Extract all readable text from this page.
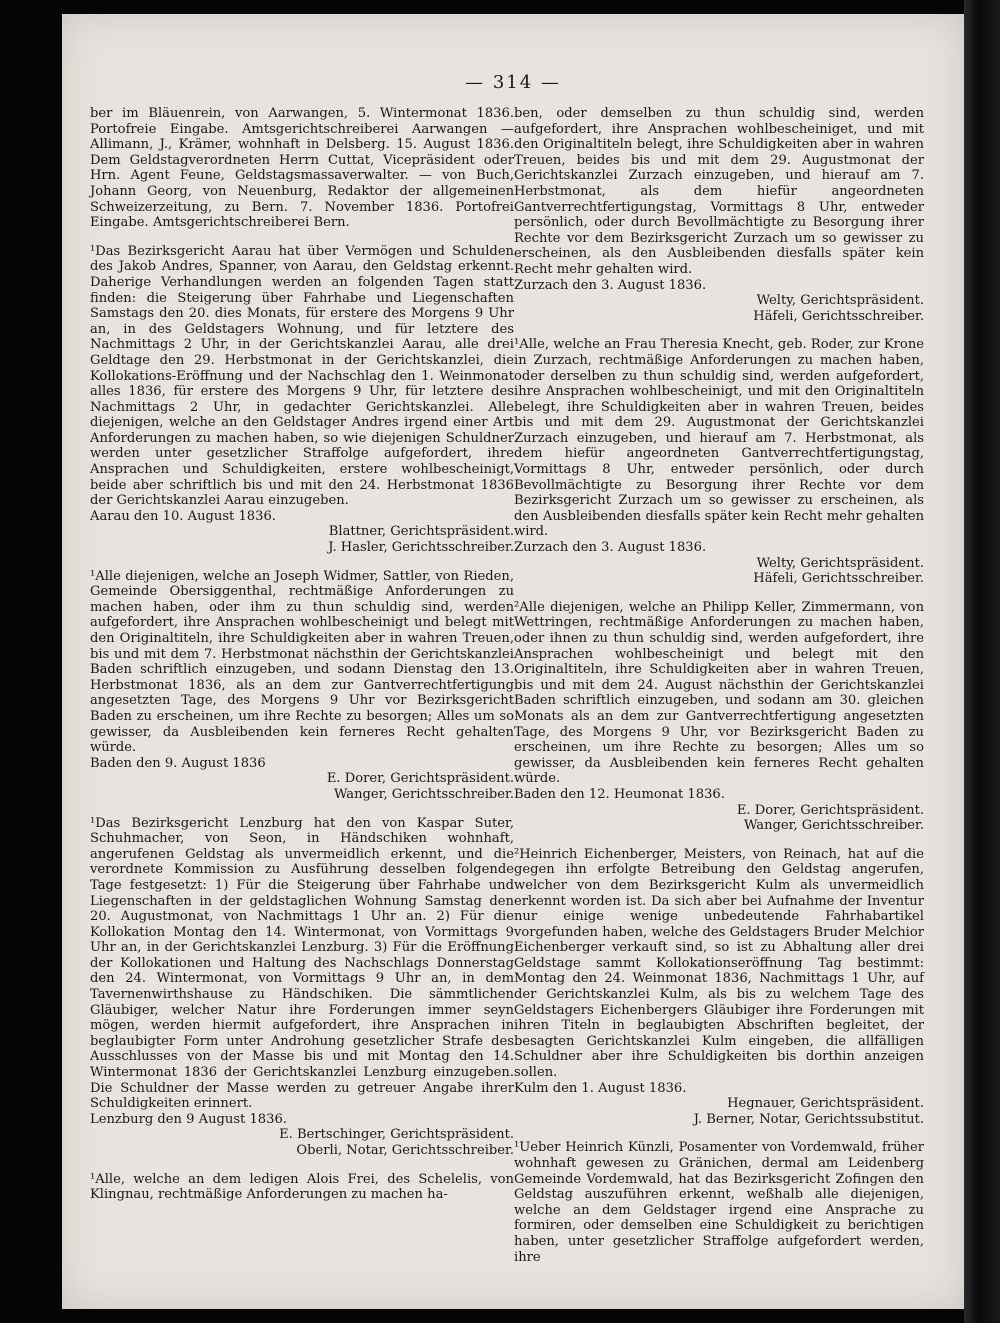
— 314 —

ber im Bläuenrein, von Aarwangen, 5. Wintermonat 1836. Portofreie Eingabe. Amtsgerichtschreiberei Aarwangen — Allimann, J., Krämer, wohnhaft in Delsberg. 15. August 1836. Dem Geldstagverordneten Herrn Cuttat, Vicepräsident oder Hrn. Agent Feune, Geldstagsmassaverwalter. — von Buch, Johann Georg, von Neuenburg, Redaktor der allgemeinen Schweizerzeitung, zu Bern. 7. November 1836. Portofrei Eingabe. Amtsgerichtschreiberei Bern.

¹Das Bezirksgericht Aarau hat über Vermögen und Schulden des Jakob Andres, Spanner, von Aarau, den Geldstag erkennt. Daherige Verhandlungen werden an folgenden Tagen statt finden: die Steigerung über Fahrhabe und Liegenschaften Samstags den 20. dies Monats, für erstere des Morgens 9 Uhr an, in des Geldstagers Wohnung, und für letztere des Nachmittags 2 Uhr, in der Gerichtskanzlei Aarau, alle drei Geldtage den 29. Herbstmonat in der Gerichtskanzlei, die Kollokations-Eröffnung und der Nachschlag den 1. Weinmonat alles 1836, für erstere des Morgens 9 Uhr, für letztere des Nachmittags 2 Uhr, in gedachter Gerichtskanzlei. Alle diejenigen, welche an den Geldstager Andres irgend einer Art Anforderungen zu machen haben, so wie diejenigen Schuldner werden unter gesetzlicher Straffolge aufgefordert, ihre Ansprachen und Schuldigkeiten, erstere wohlbescheinigt, beide aber schriftlich bis und mit den 24. Herbstmonat 1836 der Gerichtskanzlei Aarau einzugeben.

Aarau den 10. August 1836.

Blattner, Gerichtspräsident.

J. Hasler, Gerichtsschreiber.

¹Alle diejenigen, welche an Joseph Widmer, Sattler, von Rieden, Gemeinde Obersiggenthal, rechtmäßige Anforderungen zu machen haben, oder ihm zu thun schuldig sind, werden aufgefordert, ihre Ansprachen wohlbescheinigt und belegt mit den Originaltiteln, ihre Schuldigkeiten aber in wahren Treuen, bis und mit dem 7. Herbstmonat nächsthin der Gerichtskanzlei Baden schriftlich einzugeben, und sodann Dienstag den 13. Herbstmonat 1836, als an dem zur Gantverrechtfertigung angesetzten Tage, des Morgens 9 Uhr vor Bezirksgericht Baden zu erscheinen, um ihre Rechte zu besorgen; Alles um so gewisser, da Ausbleibenden kein ferneres Recht gehalten würde.

Baden den 9. August 1836

E. Dorer, Gerichtspräsident.

Wanger, Gerichtsschreiber.

¹Das Bezirksgericht Lenzburg hat den von Kaspar Suter, Schuhmacher, von Seon, in Händschiken wohnhaft, angerufenen Geldstag als unvermeidlich erkennt, und die verordnete Kommission zu Ausführung desselben folgende Tage festgesetzt: 1) Für die Steigerung über Fahrhabe und Liegenschaften in der geldstaglichen Wohnung Samstag den 20. Augustmonat, von Nachmittags 1 Uhr an. 2) Für die Kollokation Montag den 14. Wintermonat, von Vormittags 9 Uhr an, in der Gerichtskanzlei Lenzburg. 3) Für die Eröffnung der Kollokationen und Haltung des Nachschlags Donnerstag den 24. Wintermonat, von Vormittags 9 Uhr an, in dem Tavernenwirthshause zu Händschiken. Die sämmtlichen Gläubiger, welcher Natur ihre Forderungen immer seyn mögen, werden hiermit aufgefordert, ihre Ansprachen in beglaubigter Form unter Androhung gesetzlicher Strafe des Ausschlusses von der Masse bis und mit Montag den 14. Wintermonat 1836 der Gerichtskanzlei Lenzburg einzugeben. Die Schuldner der Masse werden zu getreuer Angabe ihrer Schuldigkeiten erinnert.

Lenzburg den 9 August 1836.

E. Bertschinger, Gerichtspräsident.

Oberli, Notar, Gerichtsschreiber.

¹Alle, welche an dem ledigen Alois Frei, des Schelelis, von Klingnau, rechtmäßige Anforderungen zu machen ha-

ben, oder demselben zu thun schuldig sind, werden aufgefordert, ihre Ansprachen wohlbescheiniget, und mit den Originaltiteln belegt, ihre Schuldigkeiten aber in wahren Treuen, beides bis und mit dem 29. Augustmonat der Gerichtskanzlei Zurzach einzugeben, und hierauf am 7. Herbstmonat, als dem hiefür angeordneten Gantverrechtfertigungstag, Vormittags 8 Uhr, entweder persönlich, oder durch Bevollmächtigte zu Besorgung ihrer Rechte vor dem Bezirksgericht Zurzach um so gewisser zu erscheinen, als den Ausbleibenden diesfalls später kein Recht mehr gehalten wird.

Zurzach den 3. August 1836.

Welty, Gerichtspräsident.

Häfeli, Gerichtsschreiber.

¹Alle, welche an Frau Theresia Knecht, geb. Roder, zur Krone in Zurzach, rechtmäßige Anforderungen zu machen haben, oder derselben zu thun schuldig sind, werden aufgefordert, ihre Ansprachen wohlbescheinigt, und mit den Originaltiteln belegt, ihre Schuldigkeiten aber in wahren Treuen, beides bis und mit dem 29. Augustmonat der Gerichtskanzlei Zurzach einzugeben, und hierauf am 7. Herbstmonat, als dem hiefür angeordneten Gantverrechtfertigungstag, Vormittags 8 Uhr, entweder persönlich, oder durch Bevollmächtigte zu Besorgung ihrer Rechte vor dem Bezirksgericht Zurzach um so gewisser zu erscheinen, als den Ausbleibenden diesfalls später kein Recht mehr gehalten wird.

Zurzach den 3. August 1836.

Welty, Gerichtspräsident.

Häfeli, Gerichtsschreiber.

²Alle diejenigen, welche an Philipp Keller, Zimmermann, von Wettringen, rechtmäßige Anforderungen zu machen haben, oder ihnen zu thun schuldig sind, werden aufgefordert, ihre Ansprachen wohlbescheinigt und belegt mit den Originaltiteln, ihre Schuldigkeiten aber in wahren Treuen, bis und mit dem 24. August nächsthin der Gerichtskanzlei Baden schriftlich einzugeben, und sodann am 30. gleichen Monats als an dem zur Gantverrechtfertigung angesetzten Tage, des Morgens 9 Uhr, vor Bezirksgericht Baden zu erscheinen, um ihre Rechte zu besorgen; Alles um so gewisser, da Ausbleibenden kein ferneres Recht gehalten würde.

Baden den 12. Heumonat 1836.

E. Dorer, Gerichtspräsident.

Wanger, Gerichtsschreiber.

²Heinrich Eichenberger, Meisters, von Reinach, hat auf die gegen ihn erfolgte Betreibung den Geldstag angerufen, welcher von dem Bezirksgericht Kulm als unvermeidlich erkennt worden ist. Da sich aber bei Aufnahme der Inventur nur einige wenige unbedeutende Fahrhabartikel vorgefunden haben, welche des Geldstagers Bruder Melchior Eichenberger verkauft sind, so ist zu Abhaltung aller drei Geldstage sammt Kollokationseröffnung Tag bestimmt: Montag den 24. Weinmonat 1836, Nachmittags 1 Uhr, auf der Gerichtskanzlei Kulm, als bis zu welchem Tage des Geldstagers Eichenbergers Gläubiger ihre Forderungen mit ihren Titeln in beglaubigten Abschriften begleitet, der besagten Gerichtskanzlei Kulm eingeben, die allfälligen Schuldner aber ihre Schuldigkeiten bis dorthin anzeigen sollen.

Kulm den 1. August 1836.

Hegnauer, Gerichtspräsident.

J. Berner, Notar, Gerichtssubstitut.

¹Ueber Heinrich Künzli, Posamenter von Vordemwald, früher wohnhaft gewesen zu Gränichen, dermal am Leidenberg Gemeinde Vordemwald, hat das Bezirksgericht Zofingen den Geldstag auszuführen erkennt, weßhalb alle diejenigen, welche an dem Geldstager irgend eine Ansprache zu formiren, oder demselben eine Schuldigkeit zu berichtigen haben, unter gesetzlicher Straffolge aufgefordert werden, ihre
